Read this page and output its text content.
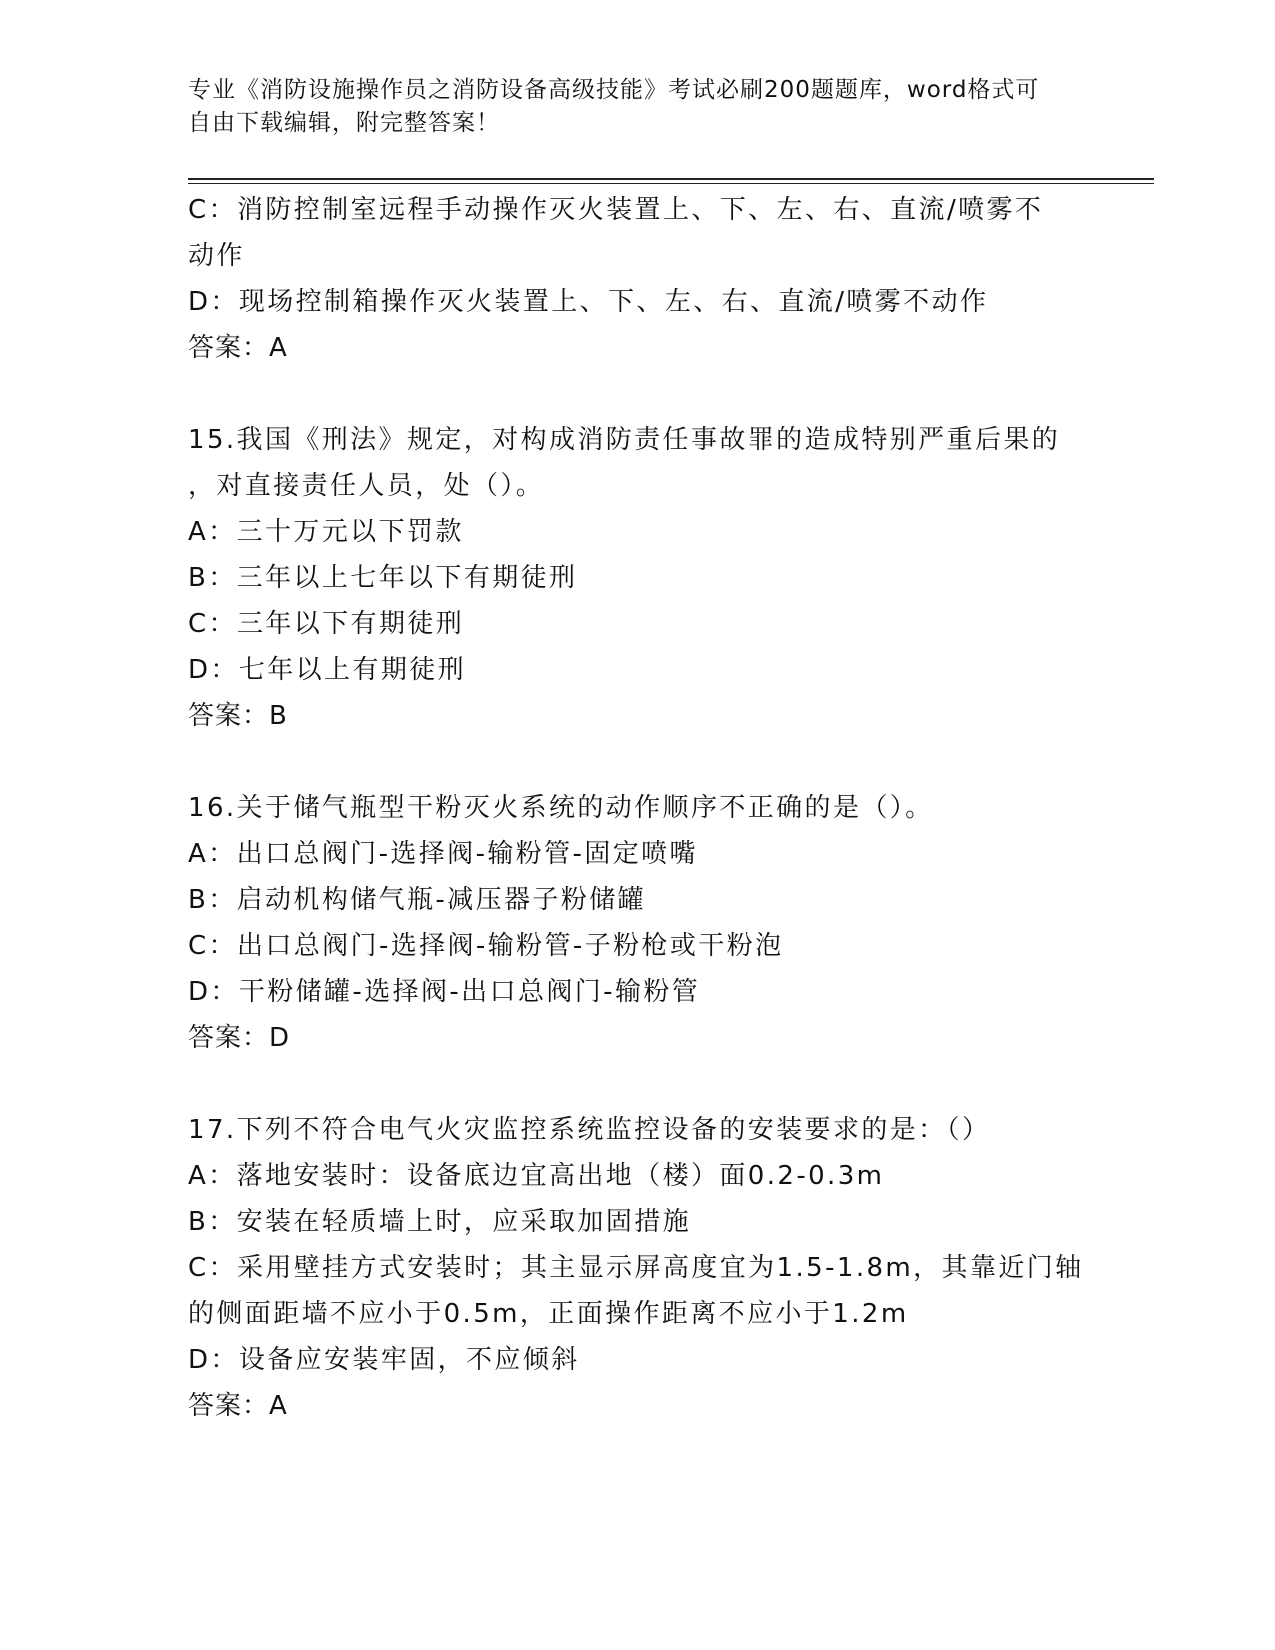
专业《消防设施操作员之消防设备高级技能》考试必刷200题题库，word格式可
自由下载编辑，附完整答案！
C：消防控制室远程手动操作灭火装置上、下、左、右、直流/喷雾不
动作
D：现场控制箱操作灭火装置上、下、左、右、直流/喷雾不动作
答案：A
15.我国《刑法》规定，对构成消防责任事故罪的造成特别严重后果的
，对直接责任人员，处（）。
A：三十万元以下罚款
B：三年以上七年以下有期徒刑
C：三年以下有期徒刑
D：七年以上有期徒刑
答案：B
16.关于储气瓶型干粉灭火系统的动作顺序不正确的是（）。
A：出口总阀门-选择阀-输粉管-固定喷嘴
B：启动机构储气瓶-减压器子粉储罐
C：出口总阀门-选择阀-输粉管-子粉枪或干粉泡
D：干粉储罐-选择阀-出口总阀门-输粉管
答案：D
17.下列不符合电气火灾监控系统监控设备的安装要求的是：（）
A：落地安装时：设备底边宜高出地（楼）面0.2-0.3m
B：安装在轻质墙上时，应采取加固措施
C：采用壁挂方式安装时；其主显示屏高度宜为1.5-1.8m，其靠近门轴
的侧面距墙不应小于0.5m，正面操作距离不应小于1.2m
D：设备应安装牢固，不应倾斜
答案：A
